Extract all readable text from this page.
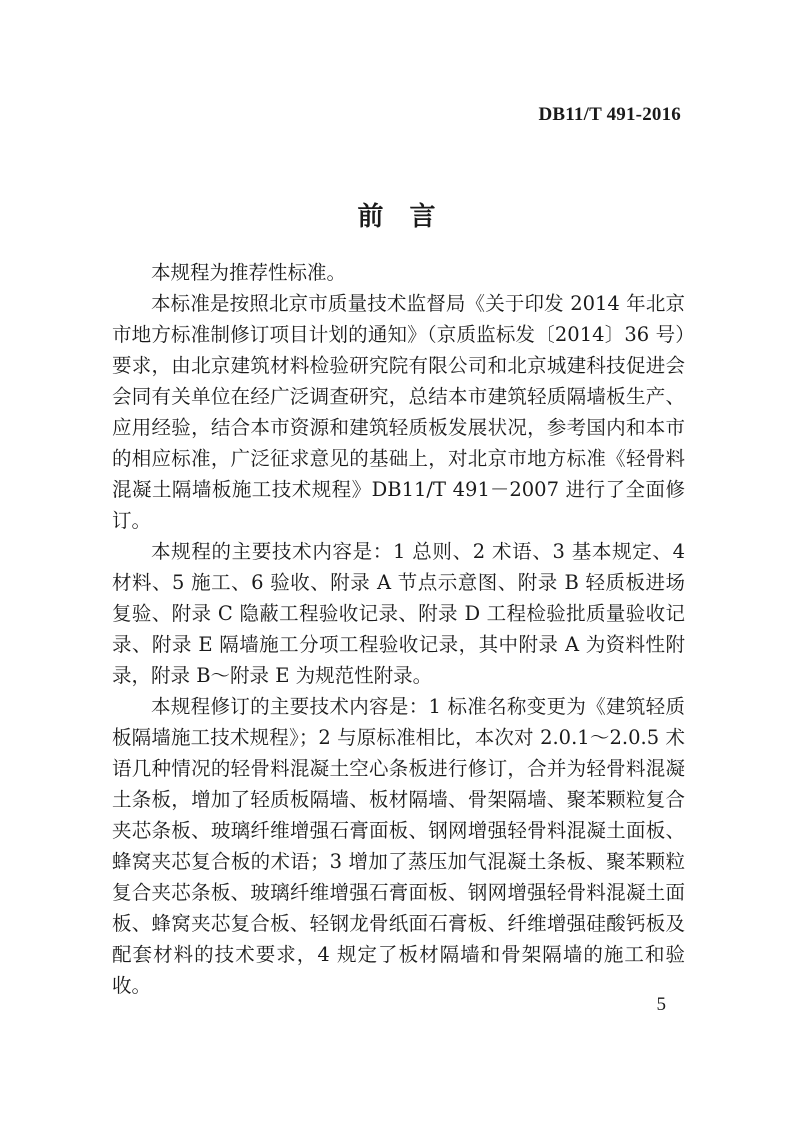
DB11/T 491-2016
前言

本规程为推荐性标准。

本标准是按照北京市质量技术监督局《关于印发 2014 年北京市地方标准制修订项目计划的通知》（京质监标发〔2014〕36 号）要求，由北京建筑材料检验研究院有限公司和北京城建科技促进会会同有关单位在经广泛调查研究，总结本市建筑轻质隔墙板生产、应用经验，结合本市资源和建筑轻质板发展状况，参考国内和本市的相应标准，广泛征求意见的基础上，对北京市地方标准《轻骨料混凝土隔墙板施工技术规程》DB11/T 491－2007 进行了全面修订。

本规程的主要技术内容是：1 总则、2 术语、3 基本规定、4 材料、5 施工、6 验收、附录 A 节点示意图、附录 B 轻质板进场复验、附录 C 隐蔽工程验收记录、附录 D 工程检验批质量验收记录、附录 E 隔墙施工分项工程验收记录，其中附录 A 为资料性附录，附录 B～附录 E 为规范性附录。

本规程修订的主要技术内容是：1 标准名称变更为《建筑轻质板隔墙施工技术规程》；2 与原标准相比，本次对 2.0.1～2.0.5 术语几种情况的轻骨料混凝土空心条板进行修订，合并为轻骨料混凝土条板，增加了轻质板隔墙、板材隔墙、骨架隔墙、聚苯颗粒复合夹芯条板、玻璃纤维增强石膏面板、钢网增强轻骨料混凝土面板、蜂窝夹芯复合板的术语；3 增加了蒸压加气混凝土条板、聚苯颗粒复合夹芯条板、玻璃纤维增强石膏面板、钢网增强轻骨料混凝土面板、蜂窝夹芯复合板、轻钢龙骨纸面石膏板、纤维增强硅酸钙板及配套材料的技术要求，4 规定了板材隔墙和骨架隔墙的施工和验收。

5
